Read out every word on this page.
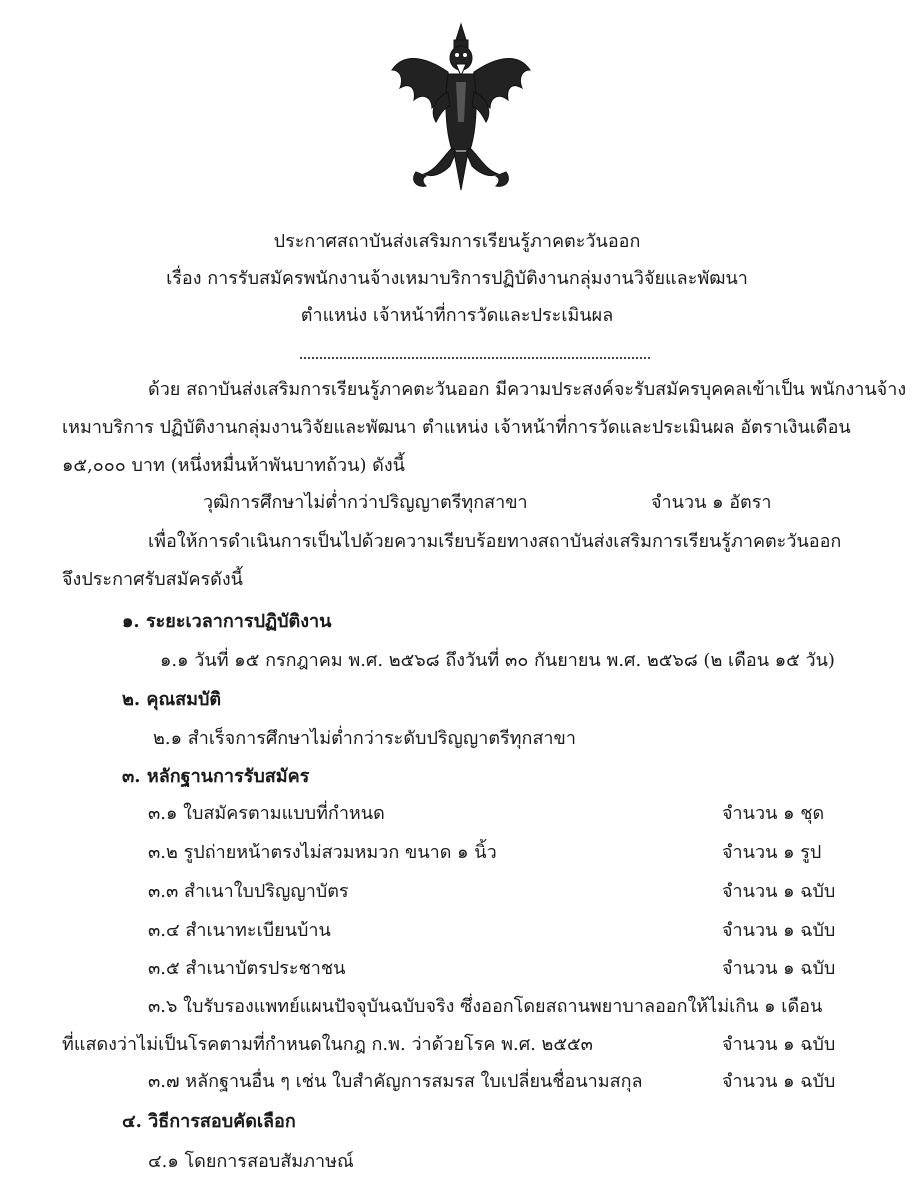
ประกาศสถาบันส่งเสริมการเรียนรู้ภาคตะวันออก
เรื่อง การรับสมัครพนักงานจ้างเหมาบริการปฏิบัติงานกลุ่มงานวิจัยและพัฒนา
ตำแหน่ง เจ้าหน้าที่การวัดและประเมินผล
ด้วย สถาบันส่งเสริมการเรียนรู้ภาคตะวันออก มีความประสงค์จะรับสมัครบุคคลเข้าเป็น พนักงานจ้าง
เหมาบริการ ปฏิบัติงานกลุ่มงานวิจัยและพัฒนา ตำแหน่ง เจ้าหน้าที่การวัดและประเมินผล อัตราเงินเดือน
๑๕,๐๐๐ บาท (หนึ่งหมื่นห้าพันบาทถ้วน) ดังนี้
วุฒิการศึกษาไม่ต่ำกว่าปริญญาตรีทุกสาขา	จำนวน ๑ อัตรา
เพื่อให้การดำเนินการเป็นไปด้วยความเรียบร้อยทางสถาบันส่งเสริมการเรียนรู้ภาคตะวันออก
จึงประกาศรับสมัครดังนี้
๑. ระยะเวลาการปฏิบัติงาน
๑.๑ วันที่ ๑๕ กรกฎาคม พ.ศ. ๒๕๖๘ ถึงวันที่ ๓๐ กันยายน พ.ศ. ๒๕๖๘ (๒ เดือน ๑๕ วัน)
๒. คุณสมบัติ
๒.๑ สำเร็จการศึกษาไม่ต่ำกว่าระดับปริญญาตรีทุกสาขา
๓. หลักฐานการรับสมัคร
๓.๑ ใบสมัครตามแบบที่กำหนด	จำนวน ๑ ชุด
๓.๒ รูปถ่ายหน้าตรงไม่สวมหมวก ขนาด ๑ นิ้ว	จำนวน ๑ รูป
๓.๓ สำเนาใบปริญญาบัตร	จำนวน ๑ ฉบับ
๓.๔ สำเนาทะเบียนบ้าน	จำนวน ๑ ฉบับ
๓.๕ สำเนาบัตรประชาชน	จำนวน ๑ ฉบับ
๓.๖ ใบรับรองแพทย์แผนปัจจุบันฉบับจริง ซึ่งออกโดยสถานพยาบาลออกให้ไม่เกิน ๑ เดือน
ที่แสดงว่าไม่เป็นโรคตามที่กำหนดในกฎ ก.พ. ว่าด้วยโรค พ.ศ. ๒๕๕๓	จำนวน ๑ ฉบับ
๓.๗ หลักฐานอื่น ๆ เช่น ใบสำคัญการสมรส ใบเปลี่ยนชื่อนามสกุล	จำนวน ๑ ฉบับ
๔. วิธีการสอบคัดเลือก
๔.๑ โดยการสอบสัมภาษณ์
